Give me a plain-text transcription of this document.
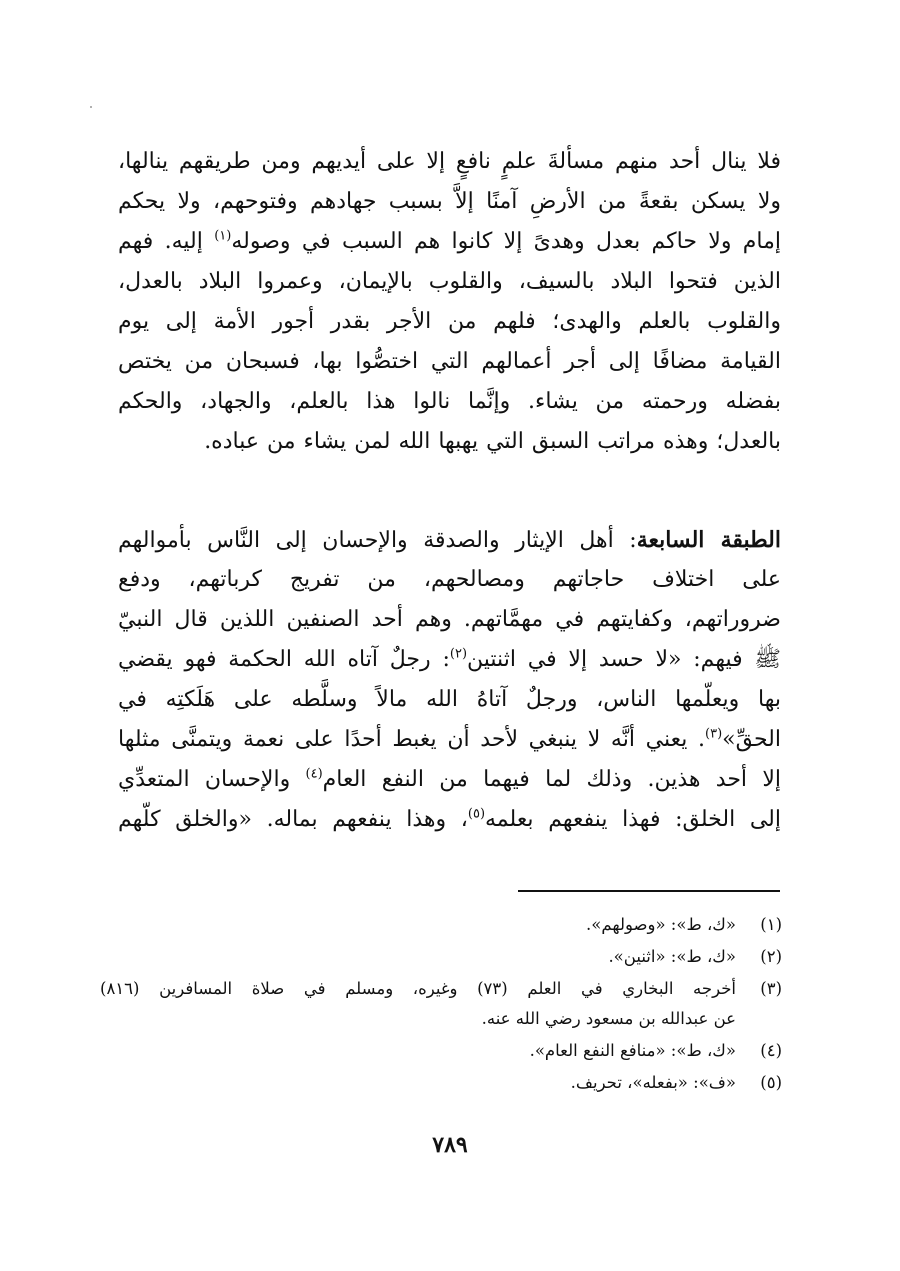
فلا ينال أحد منهم مسألةَ علمٍ نافعٍ إلا على أيديهم ومن طريقهم ينالها،
ولا يسكن بقعةً من الأرضِ آمنًا إلاَّ بسبب جهادهم وفتوحهم، ولا يحكم
إمام ولا حاكم بعدل وهدىً إلا كانوا هم السبب في وصوله$^{(١)}$ إليه. فهم
الذين فتحوا البلاد بالسيف، والقلوب بالإيمان، وعمروا البلاد بالعدل،
والقلوب بالعلم والهدى؛ فلهم من الأجر بقدر أجور الأمة إلى يوم
القيامة مضافًا إلى أجر أعمالهم التي اختصُّوا بها، فسبحان من يختص
بفضله ورحمته من يشاء. وإنَّما نالوا هذا بالعلم، والجهاد، والحكم
بالعدل؛ وهذه مراتب السبق التي يهبها الله لمن يشاء من عباده.
الطبقة السابعة: أهل الإيثار والصدقة والإحسان إلى النَّاس بأموالهم
على اختلاف حاجاتهم ومصالحهم، من تفريج كرباتهم، ودفع
ضروراتهم، وكفايتهم في مهمَّاتهم. وهم أحد الصنفين اللذين قال النبيّ
ﷺ فيهم: «لا حسد إلا في اثنتين$^{(٢)}$: رجلٌ آتاه الله الحكمة فهو يقضي
بها ويعلّمها الناس، ورجلٌ آتاهُ الله مالاً وسلَّطه على هَلَكتِه في
الحقِّ»$^{(٣)}$. يعني أنَّه لا ينبغي لأحد أن يغبط أحدًا على نعمة ويتمنَّى مثلها
إلا أحد هذين. وذلك لما فيهما من النفع العام$^{(٤)}$ والإحسان المتعدِّي
إلى الخلق: فهذا ينفعهم بعلمه$^{(٥)}$، وهذا ينفعهم بماله. «والخلق كلّهم
(١)
«ك، ط»: «وصولهم».
(٢)
«ك، ط»: «اثنين».
(٣)
أخرجه البخاري في العلم (٧٣) وغيره، ومسلم في صلاة المسافرين (٨١٦)
عن عبدالله بن مسعود رضي الله عنه.
(٤)
«ك، ط»: «منافع النفع العام».
(٥)
«ف»: «بفعله»، تحريف.
٧٨٩
